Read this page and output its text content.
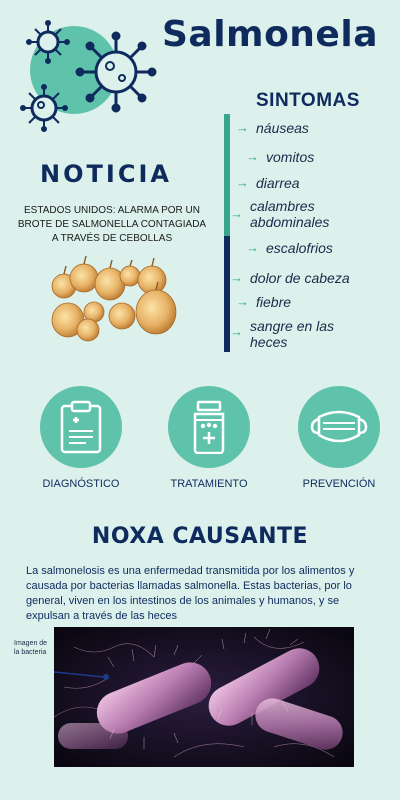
Salmonela
NOTICIA
ESTADOS UNIDOS: ALARMA POR UN BROTE DE SALMONELLA CONTAGIADA A TRAVÉS DE CEBOLLAS
SINTOMAS
→ náuseas
→ vomitos
→ diarrea
→ calambres abdominales
→ escalofrios
→ dolor de cabeza
→ fiebre
→ sangre en las heces
DIAGNÓSTICO	TRATAMIENTO	PREVENCIÓN
NOXA CAUSANTE
La salmonelosis es una enfermedad transmitida por los alimentos y causada por bacterias llamadas salmonella. Estas bacterias, por lo general, viven en los intestinos de los animales y humanos, y se expulsan a través de las heces
Imagen de la bacteria
